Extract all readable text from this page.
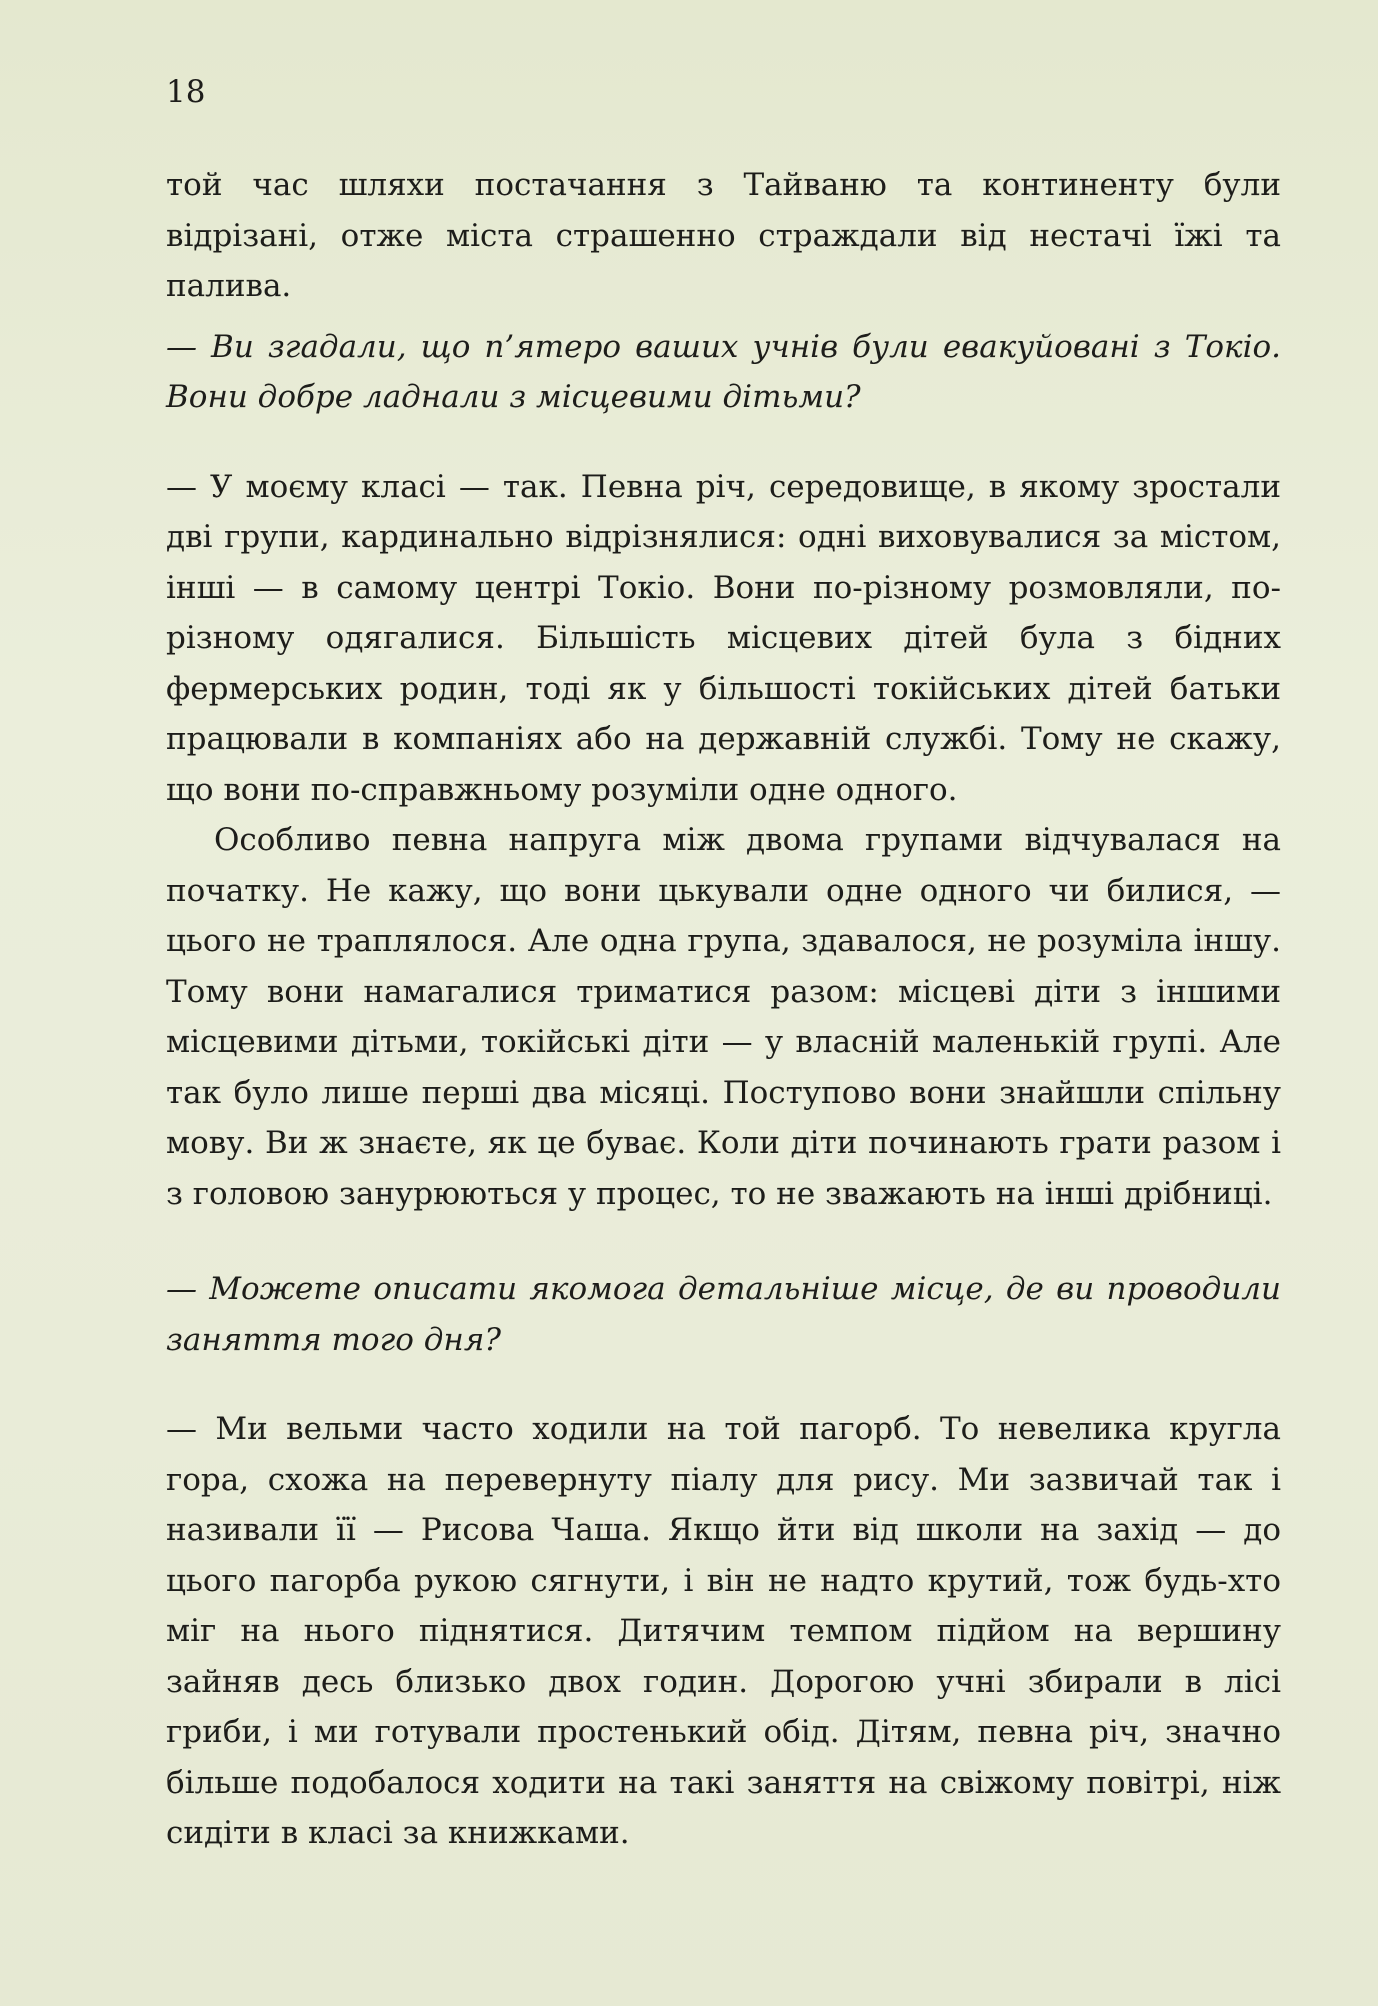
18

той час шляхи постачання з Тайваню та континенту були відрізані, отже міста страшенно страждали від нестачі їжі та палива.

— Ви згадали, що п’ятеро ваших учнів були евакуйовані з Токіо. Вони добре ладнали з місцевими дітьми?

— У моєму класі — так. Певна річ, середовище, в якому зростали дві групи, кардинально відрізнялися: одні виховувалися за містом, інші — в самому центрі Токіо. Вони по-різному розмовляли, по-різному одягалися. Більшість місцевих дітей була з бідних фермерських родин, тоді як у більшості токійських дітей батьки працювали в компаніях або на державній службі. Тому не скажу, що вони по-справжньому розуміли одне одного.

Особливо певна напруга між двома групами відчувалася на початку. Не кажу, що вони цькували одне одного чи билися, — цього не траплялося. Але одна група, здавалося, не розуміла іншу. Тому вони намагалися триматися разом: місцеві діти з іншими місцевими дітьми, токійські діти — у власній маленькій групі. Але так було лише перші два місяці. Поступово вони знайшли спільну мову. Ви ж знаєте, як це буває. Коли діти починають грати разом і з головою занурюються у процес, то не зважають на інші дрібниці.

— Можете описати якомога детальніше місце, де ви проводили заняття того дня?

— Ми вельми часто ходили на той пагорб. То невелика кругла гора, схожа на перевернуту піалу для рису. Ми зазвичай так і називали її — Рисова Чаша. Якщо йти від школи на захід — до цього пагорба рукою сягнути, і він не надто крутий, тож будь-хто міг на нього піднятися. Дитячим темпом підйом на вершину зайняв десь близько двох годин. Дорогою учні збирали в лісі гриби, і ми готували простенький обід. Дітям, певна річ, значно більше подобалося ходити на такі заняття на свіжому повітрі, ніж сидіти в класі за книжками.
